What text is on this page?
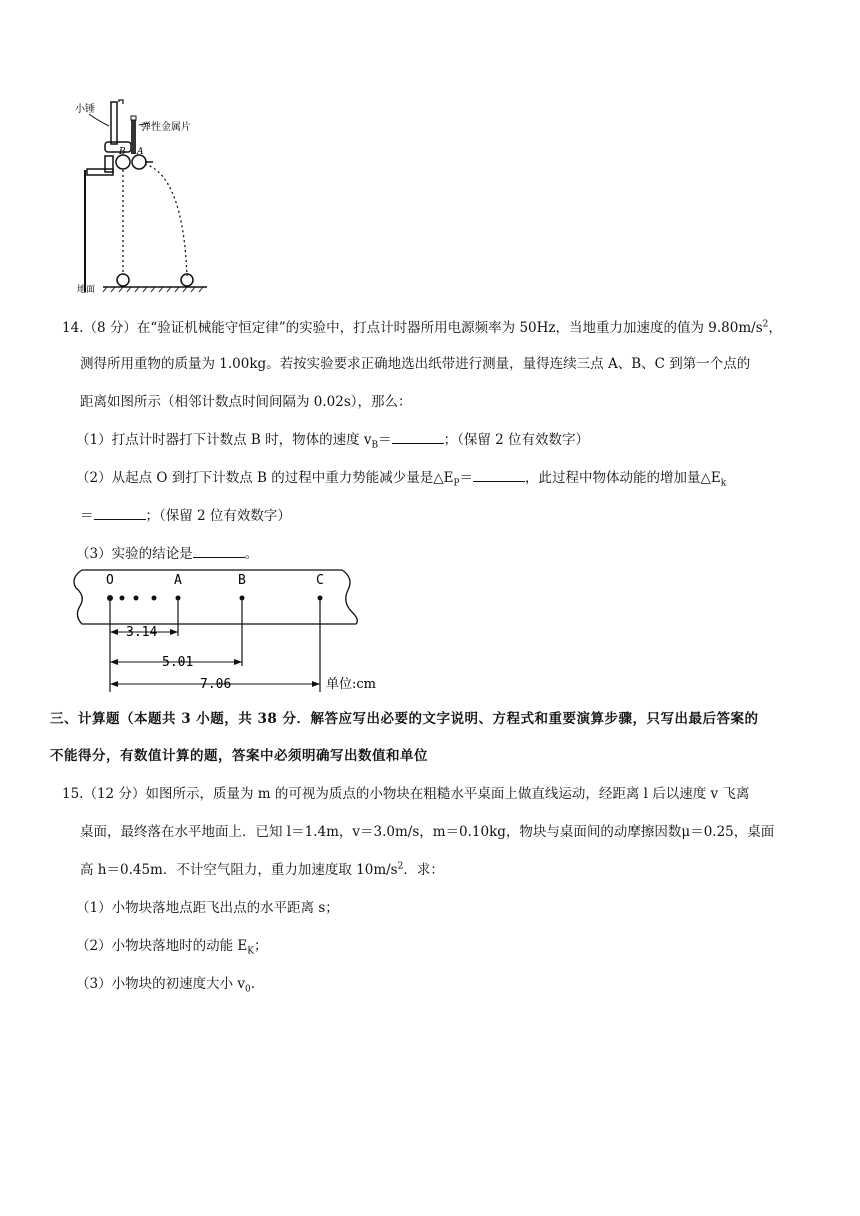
小锤
弹性金属片
B A
地面
14.（8 分）在“验证机械能守恒定律”的实验中，打点计时器所用电源频率为 50Hz，当地重力加速度的值为 $9.80m/s^2$，
测得所用重物的质量为 1.00kg。若按实验要求正确地选出纸带进行测量，量得连续三点 A、B、C 到第一个点的
距离如图所示（相邻计数点时间间隔为 0.02s），那么：
（1）打点计时器打下计数点 B 时，物体的速度 $v_B=$	；（保留 2 位有效数字）
（2）从起点 O 到打下计数点 B 的过程中重力势能减少量是$\triangle E_P=$	，此过程中物体动能的增加量$\triangle E_k$
＝	；（保留 2 位有效数字）
（3）实验的结论是	。
O	A	B	C
3.14
5.01
7.06	单位:cm
三、计算题（本题共 3 小题，共 38 分．解答应写出必要的文字说明、方程式和重要演算步骤，只写出最后答案的
不能得分，有数值计算的题，答案中必须明确写出数值和单位
15.（12 分）如图所示，质量为 m 的可视为质点的小物块在粗糙水平桌面上做直线运动，经距离 l 后以速度 v 飞离
桌面，最终落在水平地面上．已知 l＝1.4m，v＝3.0m/s，m＝0.10kg，物块与桌面间的动摩擦因数μ＝0.25，桌面
高 h＝0.45m．不计空气阻力，重力加速度取 $10m/s^2$．求：
（1）小物块落地点距飞出点的水平距离 s；
（2）小物块落地时的动能 $E_K$；
（3）小物块的初速度大小 $v_0$．
